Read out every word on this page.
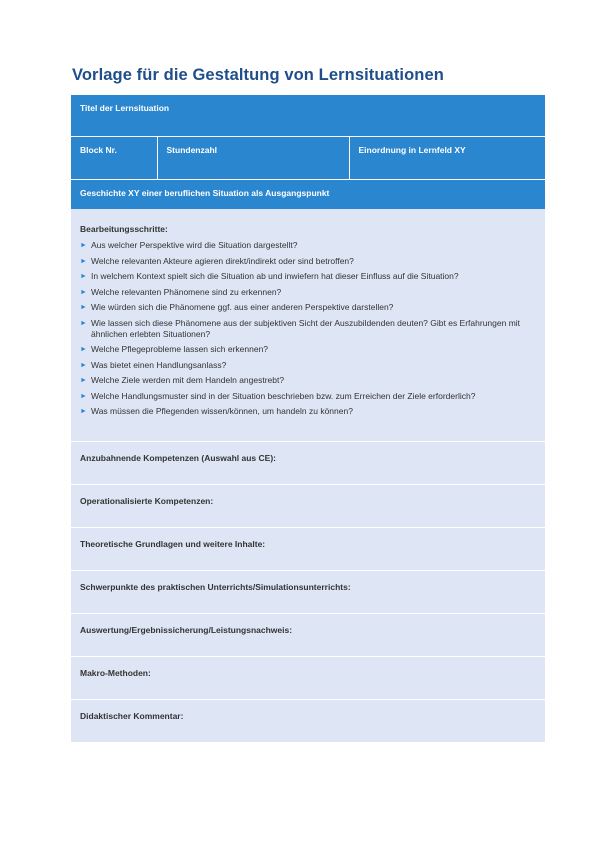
Vorlage für die Gestaltung von Lernsituationen
Titel der Lernsituation

Block Nr.	Stundenzahl	Einordnung in Lernfeld XY

Geschichte XY einer beruflichen Situation als Ausgangspunkt

Bearbeitungsschritte:
► Aus welcher Perspektive wird die Situation dargestellt?
► Welche relevanten Akteure agieren direkt/indirekt oder sind betroffen?
► In welchem Kontext spielt sich die Situation ab und inwiefern hat dieser Einfluss auf die Situation?
► Welche relevanten Phänomene sind zu erkennen?
► Wie würden sich die Phänomene ggf. aus einer anderen Perspektive darstellen?
► Wie lassen sich diese Phänomene aus der subjektiven Sicht der Auszubildenden deuten? Gibt es Erfahrungen mit ähnlichen erlebten Situationen?
► Welche Pflegeprobleme lassen sich erkennen?
► Was bietet einen Handlungsanlass?
► Welche Ziele werden mit dem Handeln angestrebt?
► Welche Handlungsmuster sind in der Situation beschrieben bzw. zum Erreichen der Ziele erforderlich?
► Was müssen die Pflegenden wissen/können, um handeln zu können?

Anzubahnende Kompetenzen (Auswahl aus CE):

Operationalisierte Kompetenzen:

Theoretische Grundlagen und weitere Inhalte:

Schwerpunkte des praktischen Unterrichts/Simulationsunterrichts:

Auswertung/Ergebnissicherung/Leistungsnachweis:

Makro-Methoden:

Didaktischer Kommentar:
